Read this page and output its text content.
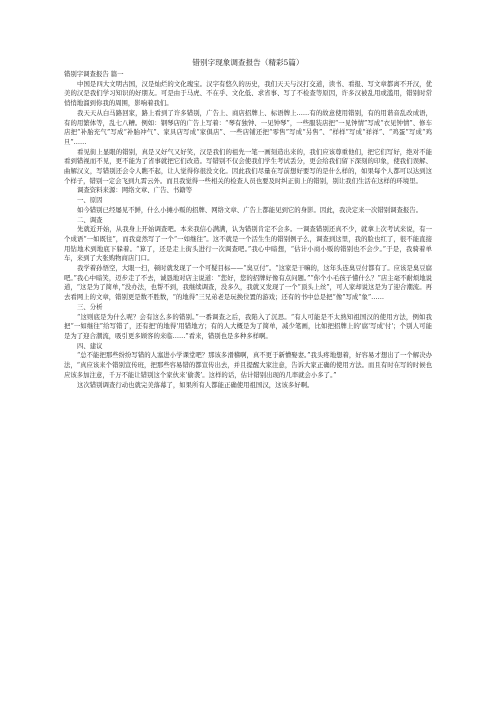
错别字现象调查报告（精彩5篇）

错别字调查报告 篇一

中国是四大文明古国，汉是灿烂的文化瑰宝。汉字有悠久的历史，我们天天与汉打交道，读书、看报、写文章都离不开汉，优美的汉是我们学习知识的好朋友。可是由于马虎、不在乎、文化低、求省事、写了不检查等原因，许多汉被乱用或滥用，错别时常悄悄地溜到你我的周围，影响着我们。

我天天从白马路回家，路上看到了许多错别，广告上、商店招牌上、标语牌上……有的故意使用错别，有的用谐音乱改成语，有的用繁体等，乱七八糟。例如：钢琴店的广告上写着：“琴有独钟、一见钟琴”，一些服装店把“一见钟情”写成“衣见钟情”、修车店把“补胎充气”写成“补胎冲气”、家具店写成“家俱店”、一些店铺还把“零售”写成“另售”、“样样”写成“祥祥”、“鸡蛋”写成“鸡旦”……

看见街上显眼的错别，真是又好气又好笑，汉是我们的祖先一笔一画刻造出来的，我们应该尊重他们，把它们写好，绝对不能看到错视而不见，更不能为了省事就把它们改造。写错别不仅会使我们学生考试丢分，更会给我们留下深刻的印象，使我们误解、曲解汉义，写错别还会令人瞧不起，让人觉得你很没文化。因此我们尽量在写前想好要写的是什么样的，如果每个人都可以达到这个样子，错别一定会飞到九霄云外。而且我觉得一些相关的检查人员也要及时纠正街上的错别，别让我们生活在这样的环境里。

调查资料来源：网络文章、广告、书籍等

一、原因

如今错别已经屡见不鲜，什么小摊小贩的招牌、网络文章、广告上都能见到它的身影。因此，我决定来一次错别调查报告。

二、调查

先就近开始，从我身上开始调查吧。本来我信心满满，认为错别肯定不会多。一调查错别还真不少，就拿上次考试来说，有一个成语“一如既往”，而我竟然写了一个“一如继往”。这不就是一个活生生的错别例子么，调查到这里，我的脸也红了，很不能直接用钻地术到地底下躲着。“算了，还是走上街头进行一次调查吧。”我心中暗想，“估计小商小贩的错别也不会少。”于是，我骑着单车，来到了大张购物商店门口。

我学着孙悟空，大眼一扫，顿时就发现了一个可疑目标——“臭豆付”。“这家是干嘛的，这年头连臭豆付都有了。应该是臭豆腐吧。”我心中暗笑，迈步走了不去，诚恳地对店主说道：“您好，您的招牌好像有点问题。”“你个小毛孩子懂什么？”店主毫不耐烦地说道，“这是为了简单，”没办法，也帮不到，我继续调查，没多久，我就又发现了一个“顶头上丝”，可人家却说这是为了迎合潮流。再去看网上的文章，错别更是数不胜数，“的地得”三兄弟老是玩换位置的游戏；还有的书中总是把“像”写成“象”……

三、分析

“这则底是为什么呢？会有这么多的错别。”一番调查之后，我陷入了沉思。“有人可能是不太熟知祖国汉的使用方法，例如我把“一如继往”给写错了，还有把'的地得'用错地方；有的人大概是为了简单，减少笔画，比如把招牌上的'腐'写成'付'；个别人可能是为了迎合潮流，吸引更多顾客的来临……”看来，错别也是多种多样啊。

四、建议

“总不能把那些纷纷写错的人塞进小学课堂吧？那该多滑稽啊，真不更于新懵娶妻。”我头疼地想着，好容易才想出了一个解决办法，“真应该来个错别宣传班，把那些容易错的都宣传出去，并且提醒大家注意，告诉大家正确的使用方法。而且有时在写的时候也应该多加注意，千万不能让错别这个家伙来‘偷袭’。这样的话，估计错别出现的几率就会小多了。”

这次错别调查行动也就完美落幕了，如果所有人都能正确使用祖国汉，这该多好啊。
